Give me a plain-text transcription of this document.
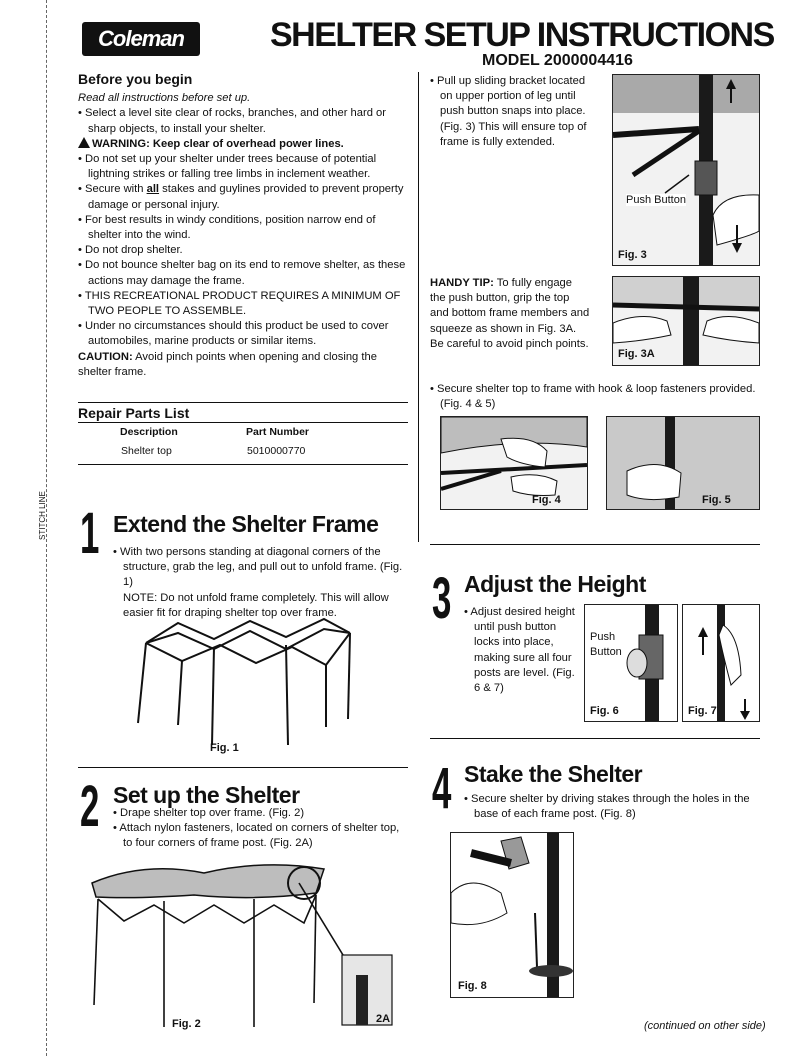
Coleman	SHELTER SETUP INSTRUCTIONS
MODEL 2000004416
STITCH LINE
Before you begin
Read all instructions before set up.

• Select a level site clear of rocks, branches, and other hard or sharp objects, to install your shelter.

WARNING: Keep clear of overhead power lines.

• Do not set up your shelter under trees because of potential lightning strikes or falling tree limbs in inclement weather.

• Secure with all stakes and guylines provided to prevent property damage or personal injury.

• For best results in windy conditions, position narrow end of shelter into the wind.

• Do not drop shelter.

• Do not bounce shelter bag on its end to remove shelter, as these actions may damage the frame.

• THIS RECREATIONAL PRODUCT REQUIRES A MINIMUM OF TWO PEOPLE TO ASSEMBLE.

• Under no circumstances should this product be used to cover automobiles, marine products or similar items.

CAUTION: Avoid pinch points when opening and closing the shelter frame.

Repair Parts List
Description	Part Number
Shelter top	5010000770
1 Extend the Shelter Frame

• With two persons standing at diagonal corners of the structure, grab the leg, and pull out to unfold frame. (Fig. 1)

NOTE: Do not unfold frame completely. This will allow easier fit for draping shelter top over frame.

Fig. 1
2 Set up the Shelter

• Drape shelter top over frame. (Fig. 2)

• Attach nylon fasteners, located on corners of shelter top, to four corners of frame post. (Fig. 2A)

Fig. 2	2A

• Pull up sliding bracket located on upper portion of leg until push button snaps into place. (Fig. 3) This will ensure top of frame is fully extended.

Push Button
Fig. 3

HANDY TIP: To fully engage the push button, grip the top and bottom frame members and squeeze as shown in Fig. 3A. Be careful to avoid pinch points.

Fig. 3A

• Secure shelter top to frame with hook & loop fasteners provided. (Fig. 4 & 5)

Fig. 4	Fig. 5
3 Adjust the Height

• Adjust desired height until push button locks into place, making sure all four posts are level. (Fig. 6 & 7)

Push
Button
Fig. 6	Fig. 7
4 Stake the Shelter

• Secure shelter by driving stakes through the holes in the base of each frame post. (Fig. 8)

Fig. 8
(continued on other side)
